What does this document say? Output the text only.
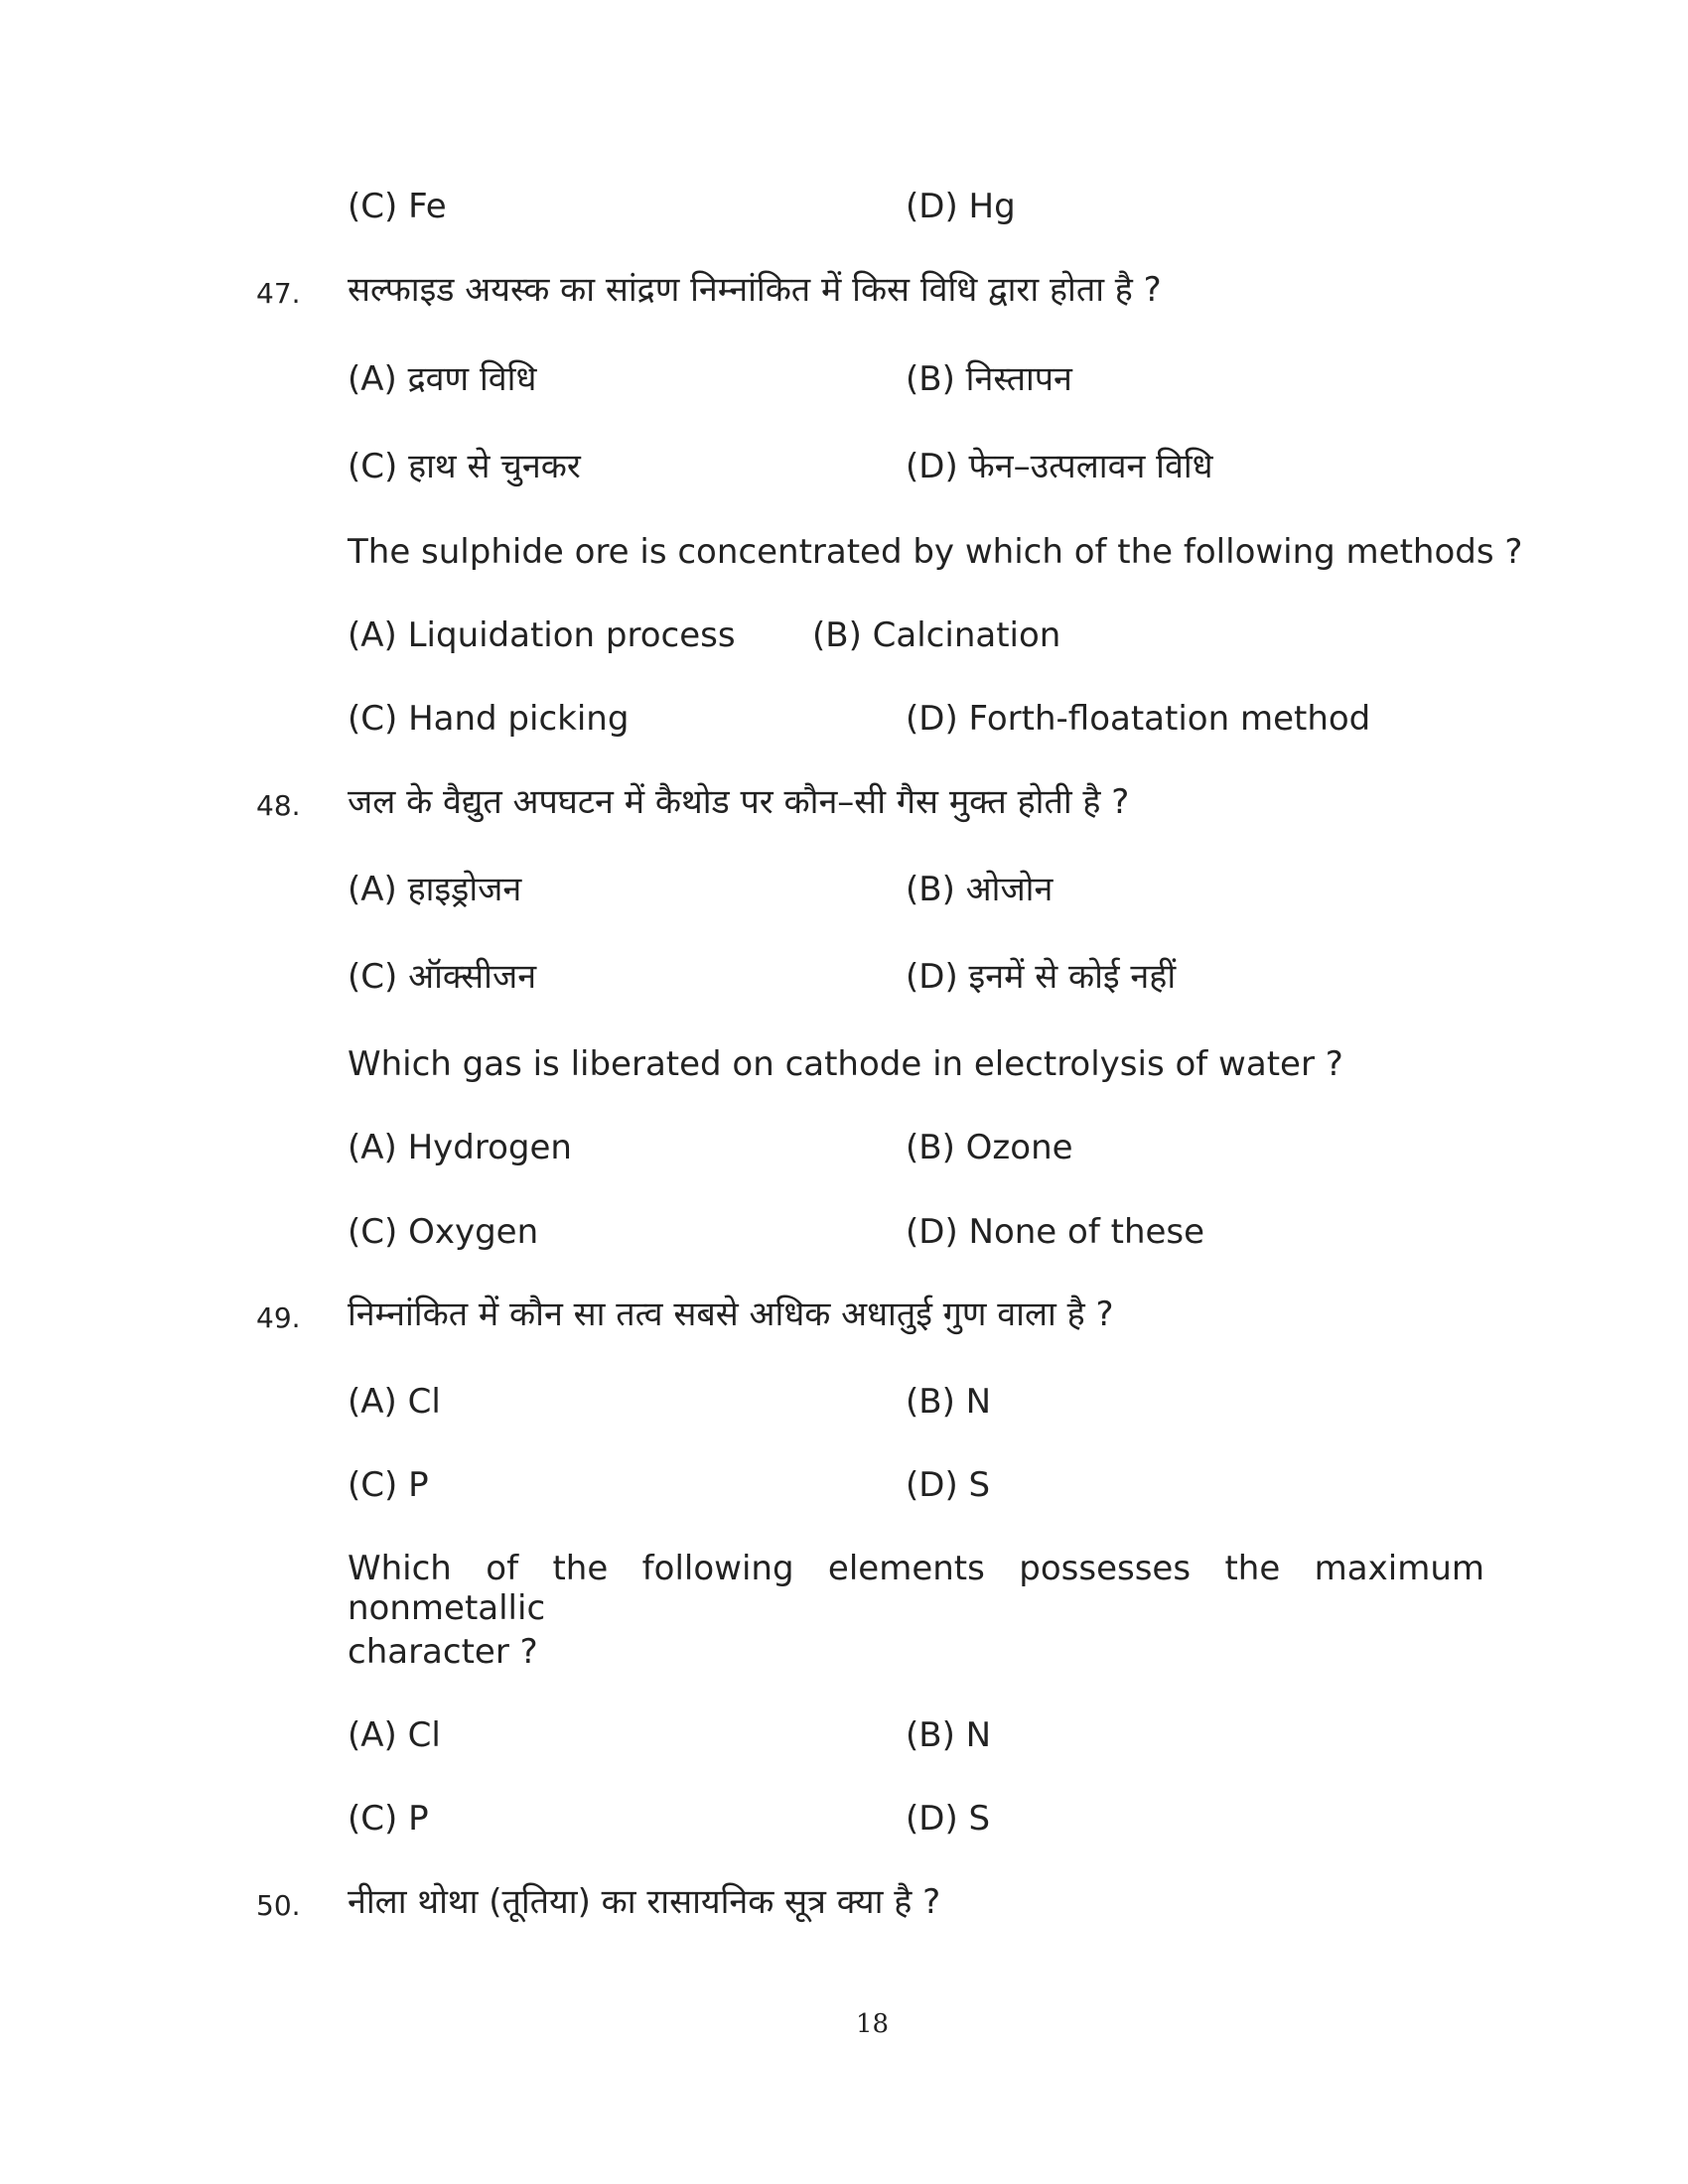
(C) Fe	(D) Hg
47. सल्फाइड अयस्क का सांद्रण निम्नांकित में किस विधि द्वारा होता है ?
(A) द्रवण विधि	(B) निस्तापन
(C) हाथ से चुनकर	(D) फेन–उत्पलावन विधि
The sulphide ore is concentrated by which of the following methods ?
(A) Liquidation process (B) Calcination
(C) Hand picking	(D) Forth-floatation method
48. जल के वैद्युत अपघटन में कैथोड पर कौन–सी गैस मुक्त होती है ?
(A) हाइड्रोजन	(B) ओजोन
(C) ऑक्सीजन	(D) इनमें से कोई नहीं
Which gas is liberated on cathode in electrolysis of water ?
(A) Hydrogen	(B) Ozone
(C) Oxygen	(D) None of these
49. निम्नांकित में कौन सा तत्व सबसे अधिक अधातुई गुण वाला है ?
(A) Cl	(B) N
(C) P	(D) S
Which of the following elements possesses the maximum nonmetallic
character ?
(A) Cl	(B) N
(C) P	(D) S
50. नीला थोथा (तूतिया) का रासायनिक सूत्र क्या है ?
18
